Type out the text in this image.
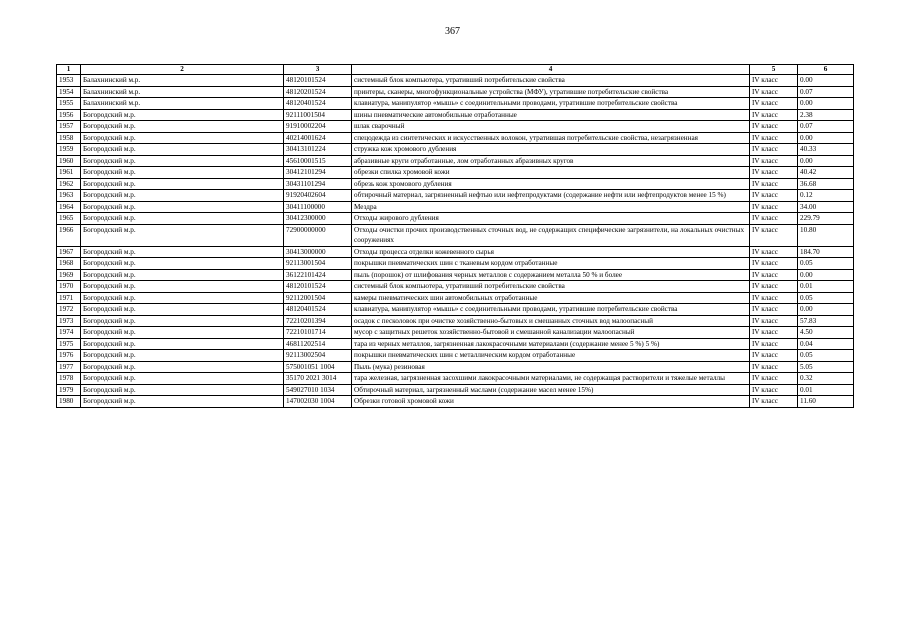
367
1	2	3	4	5	6
1953	Балахнинский м.р.	48120101524	системный блок компьютера, утративший потребительские свойства	IV класс	0.00
1954	Балахнинский м.р.	48120201524	принтеры, сканеры, многофункциональные устройства (МФУ), утратившие потребительские свойства	IV класс	0.07
1955	Балахнинский м.р.	48120401524	клавиатура, манипулятор «мышь» с соединительными проводами, утратившие потребительские свойства	IV класс	0.00
1956	Богородский м.р.	92111001504	шины пневматические автомобильные отработанные	IV класс	2.38
1957	Богородский м.р.	91910002204	шлак сварочный	IV класс	0.07
1958	Богородский м.р.	40214001624	спецодежда из синтетических и искусственных волокон, утратившая потребительские свойства, незагрязненная	IV класс	0.00
1959	Богородский м.р.	30413101224	стружка кож хромового дубления	IV класс	40.33
1960	Богородский м.р.	45610001515	абразивные круги отработанные, лом отработанных абразивных кругов	IV класс	0.00
1961	Богородский м.р.	30412101294	обрезки спилка хромовой кожи	IV класс	40.42
1962	Богородский м.р.	30431101294	обрезь кож хромового дубления	IV класс	36.68
1963	Богородский м.р.	91920402604	обтирочный материал, загрязненный нефтью или нефтепродуктами (содержание нефти или нефтепродуктов менее 15 %)	IV класс	0.12
1964	Богородский м.р.	30411100000	Мездра	IV класс	34.00
1965	Богородский м.р.	30412300000	Отходы жирового дубления	IV класс	229.79
1966	Богородский м.р.	72900000000	Отходы очистки прочих производственных сточных вод, не содержащих специфические загрязнители, на локальных очистных сооружениях	IV класс	10.80
1967	Богородский м.р.	30413000000	Отходы процесса отделки кожевенного сырья	IV класс	184.70
1968	Богородский м.р.	92113001504	покрышки пневматических шин с тканевым кордом отработанные	IV класс	0.05
1969	Богородский м.р.	36122101424	пыль (порошок) от шлифования черных металлов с содержанием металла 50 % и более	IV класс	0.00
1970	Богородский м.р.	48120101524	системный блок компьютера, утративший потребительские свойства	IV класс	0.01
1971	Богородский м.р.	92112001504	камеры пневматических шин автомобильных отработанные	IV класс	0.05
1972	Богородский м.р.	48120401524	клавиатура, манипулятор «мышь» с соединительными проводами, утратившие потребительские свойства	IV класс	0.00
1973	Богородский м.р.	72210201394	осадок с песколовок при очистке хозяйственно-бытовых и смешанных сточных вод малоопасный	IV класс	57.83
1974	Богородский м.р.	72210101714	мусор с защитных решеток хозяйственно-бытовой и смешанной канализации малоопасный	IV класс	4.50
1975	Богородский м.р.	46811202514	тара из черных металлов, загрязненная лакокрасочными материалами (содержание менее 5 %) 5 %)	IV класс	0.04
1976	Богородский м.р.	92113002504	покрышки пневматических шин с металлическим кордом отработанные	IV класс	0.05
1977	Богородский м.р.	575001051 1004	Пыль (мука) резиновая	IV класс	5.05
1978	Богородский м.р.	35170 2021 3014	тара железная, загрязненная засохшими лакокрасочными материалами, не содержащая растворители и тяжелые металлы	IV класс	0.32
1979	Богородский м.р.	549027010 1034	Обтирочный материал, загрязненный маслами (содержание масел менее 15%)	IV класс	0.01
1980	Богородский м.р.	147002030 1004	Обрезки готовой хромовой кожи	IV класс	11.60
